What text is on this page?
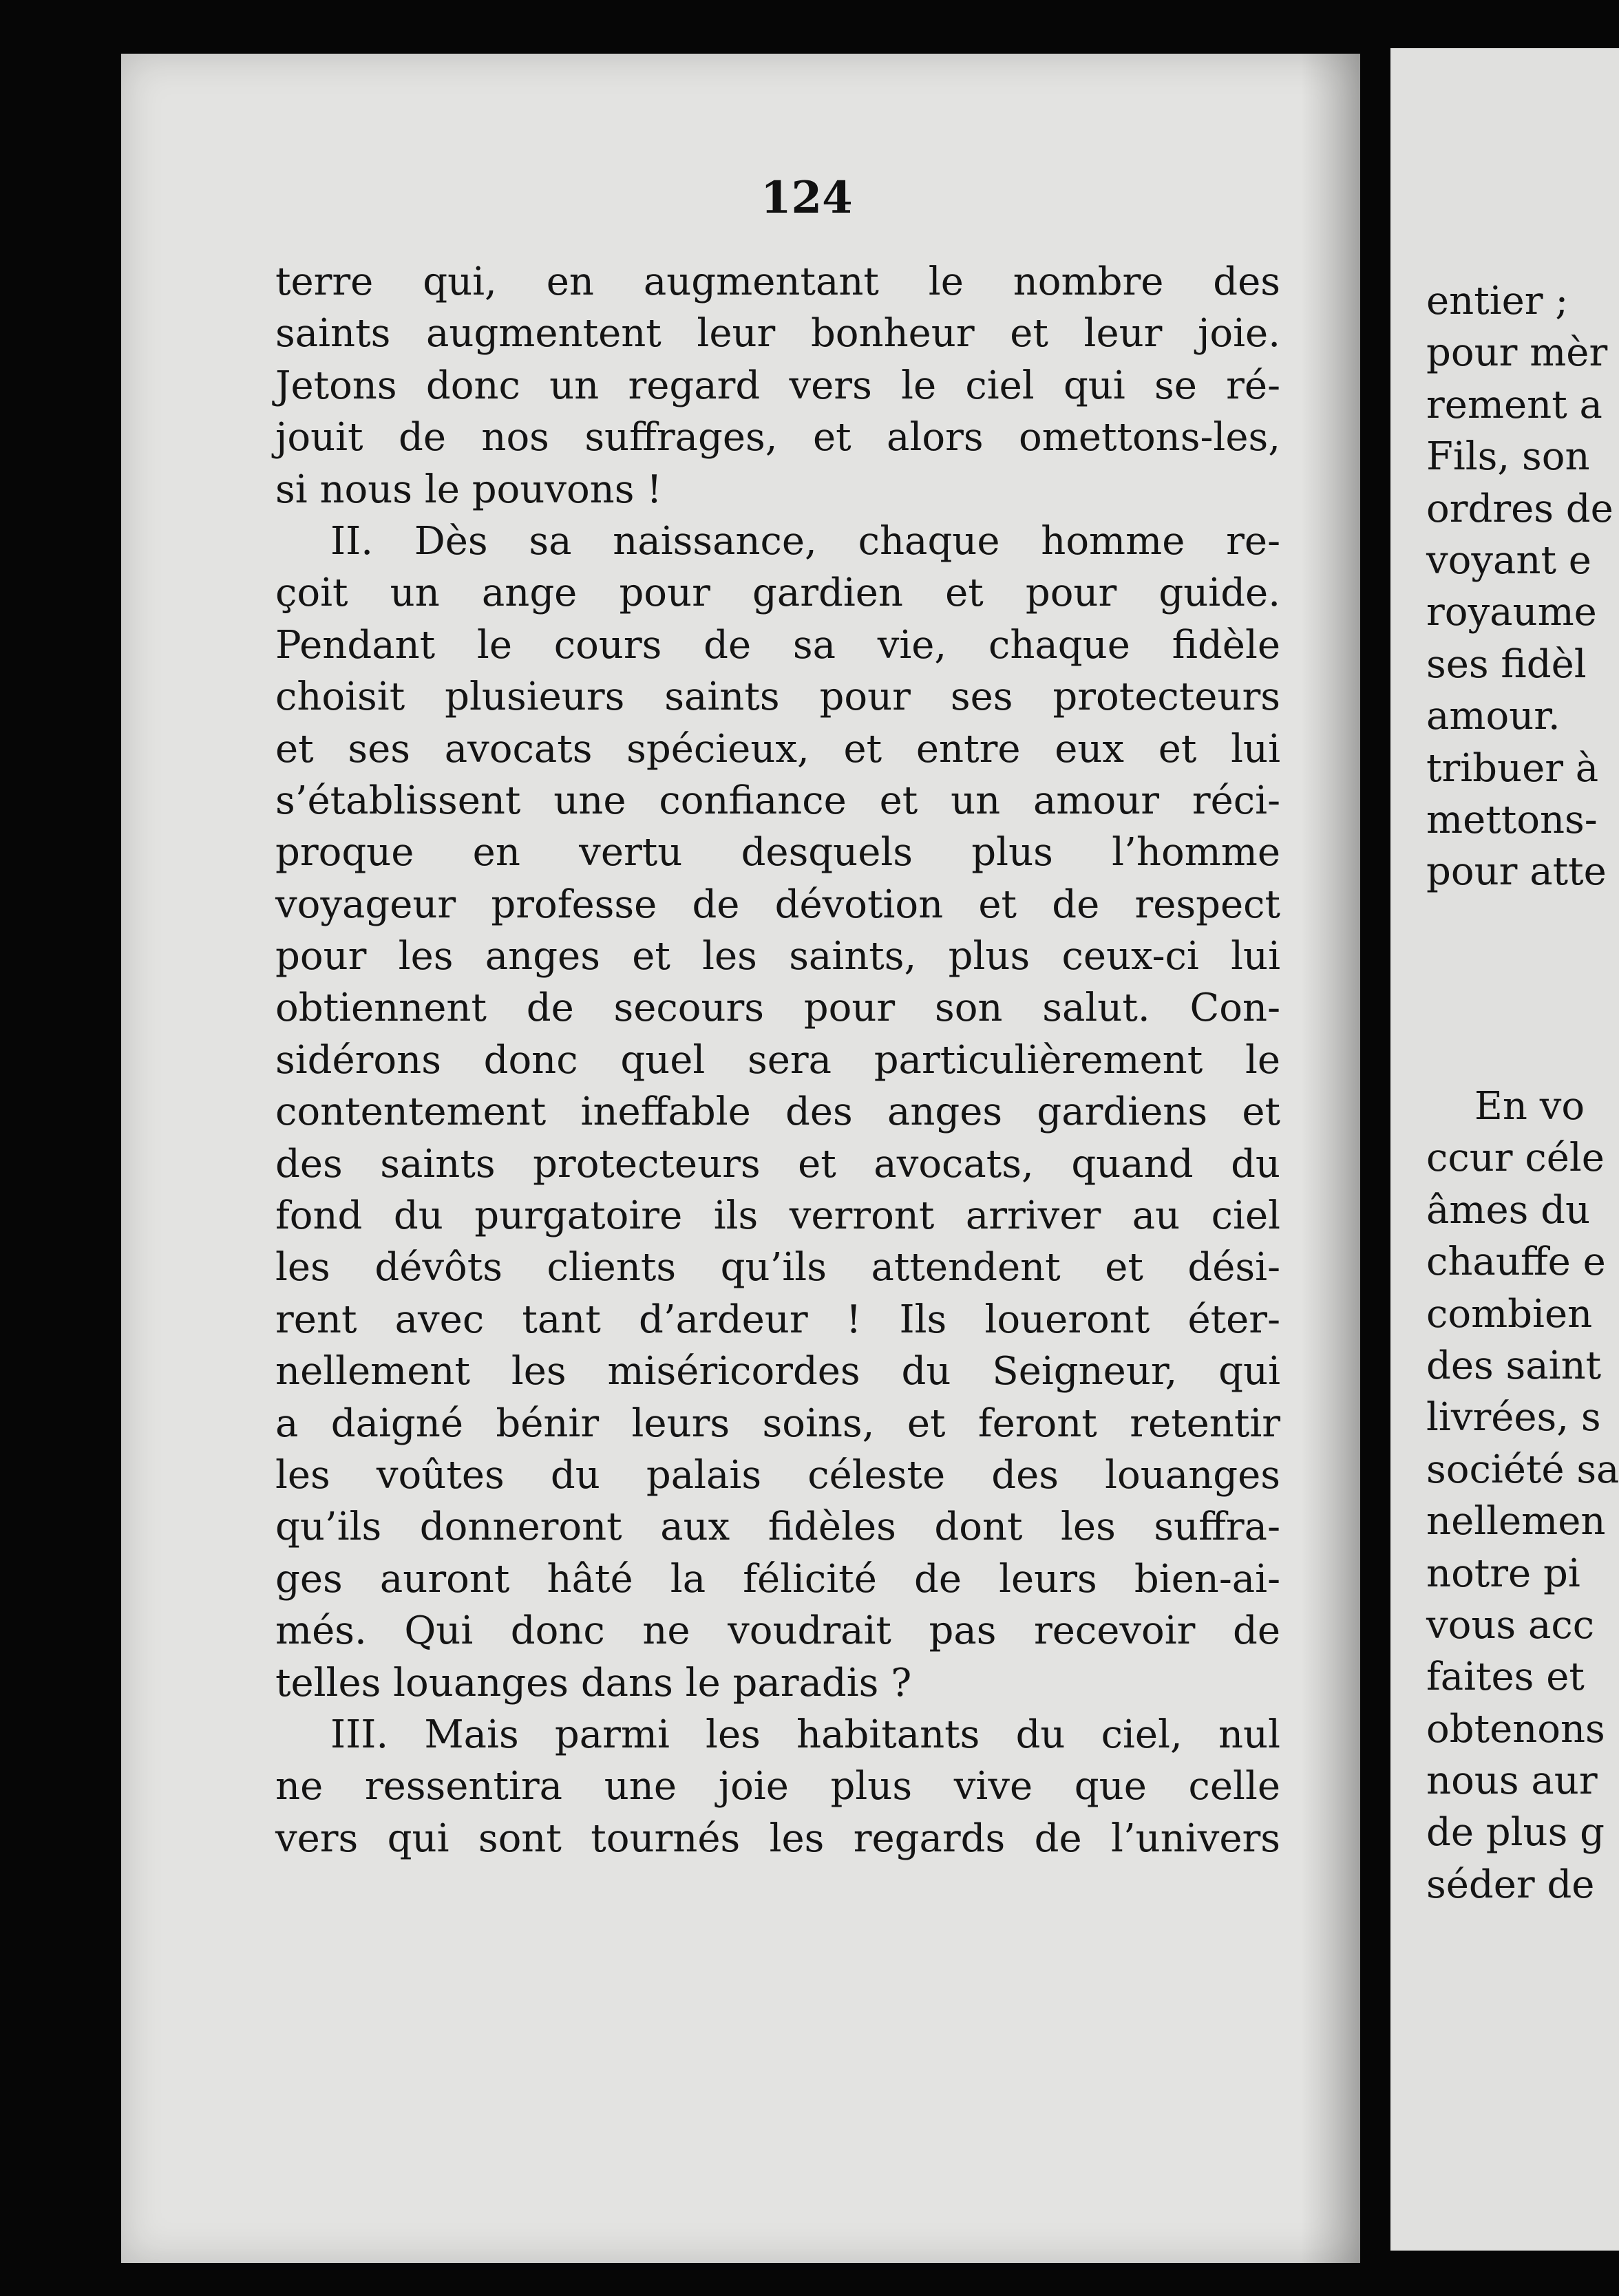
124
terre qui, en augmentant le nombre des
saints augmentent leur bonheur et leur joie.
Jetons donc un regard vers le ciel qui se ré-
jouit de nos suffrages, et alors omettons-les,
si nous le pouvons !
II. Dès sa naissance, chaque homme re-
çoit un ange pour gardien et pour guide.
Pendant le cours de sa vie, chaque fidèle
choisit plusieurs saints pour ses protecteurs
et ses avocats spécieux, et entre eux et lui
s’établissent une confiance et un amour réci-
proque en vertu desquels plus l’homme
voyageur professe de dévotion et de respect
pour les anges et les saints, plus ceux-ci lui
obtiennent de secours pour son salut. Con-
sidérons donc quel sera particulièrement le
contentement ineffable des anges gardiens et
des saints protecteurs et avocats, quand du
fond du purgatoire ils verront arriver au ciel
les dévôts clients qu’ils attendent et dési-
rent avec tant d’ardeur ! Ils loueront éter-
nellement les miséricordes du Seigneur, qui
a daigné bénir leurs soins, et feront retentir
les voûtes du palais céleste des louanges
qu’ils donneront aux fidèles dont les suffra-
ges auront hâté la félicité de leurs bien-ai-
més. Qui donc ne voudrait pas recevoir de
telles louanges dans le paradis ?
III. Mais parmi les habitants du ciel, nul
ne ressentira une joie plus vive que celle
vers qui sont tournés les regards de l’univers
entier ;
pour mèr
rement a
Fils, son
ordres de
voyant e
royaume
ses fidèl
amour.
tribuer à
mettons-
pour atte
En vo
ccur céle
âmes du
chauffe e
combien
des saint
livrées, s
société sa
nellemen
notre pi
vous acc
faites et
obtenons
nous aur
de plus g
séder de
